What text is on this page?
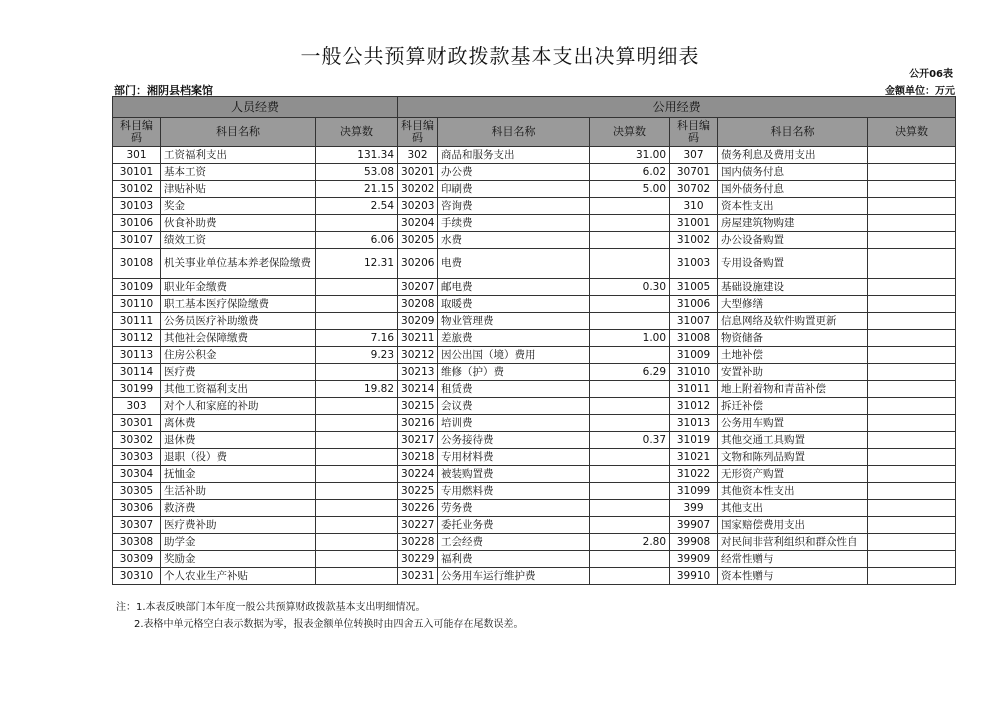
一般公共预算财政拨款基本支出决算明细表
公开06表
部门：湘阴县档案馆	金额单位：万元
人员经费			公用经费					
科目编码	科目名称	决算数	科目编码	科目名称	决算数	科目编码	科目名称	决算数
301	工资福利支出	131.34	302	商品和服务支出	31.00	307	债务利息及费用支出	
30101	基本工资	53.08	30201	办公费	6.02	30701	国内债务付息	
30102	津贴补贴	21.15	30202	印刷费	5.00	30702	国外债务付息	
30103	奖金	2.54	30203	咨询费		310	资本性支出	
30106	伙食补助费		30204	手续费		31001	房屋建筑物购建	
30107	绩效工资	6.06	30205	水费		31002	办公设备购置	
30108	机关事业单位基本养老保险缴费	12.31	30206	电费		31003	专用设备购置	
30109	职业年金缴费		30207	邮电费	0.30	31005	基础设施建设	
30110	职工基本医疗保险缴费		30208	取暖费		31006	大型修缮	
30111	公务员医疗补助缴费		30209	物业管理费		31007	信息网络及软件购置更新	
30112	其他社会保障缴费	7.16	30211	差旅费	1.00	31008	物资储备	
30113	住房公积金	9.23	30212	因公出国（境）费用		31009	土地补偿	
30114	医疗费		30213	维修（护）费	6.29	31010	安置补助	
30199	其他工资福利支出	19.82	30214	租赁费		31011	地上附着物和青苗补偿	
303	对个人和家庭的补助		30215	会议费		31012	拆迁补偿	
30301	离休费		30216	培训费		31013	公务用车购置	
30302	退休费		30217	公务接待费	0.37	31019	其他交通工具购置	
30303	退职（役）费		30218	专用材料费		31021	文物和陈列品购置	
30304	抚恤金		30224	被装购置费		31022	无形资产购置	
30305	生活补助		30225	专用燃料费		31099	其他资本性支出	
30306	救济费		30226	劳务费		399	其他支出	
30307	医疗费补助		30227	委托业务费		39907	国家赔偿费用支出	
30308	助学金		30228	工会经费	2.80	39908	对民间非营利组织和群众性自	
30309	奖励金		30229	福利费		39909	经常性赠与	
30310	个人农业生产补贴		30231	公务用车运行维护费		39910	资本性赠与	
注：1.本表反映部门本年度一般公共预算财政拨款基本支出明细情况。
2.表格中单元格空白表示数据为零，报表金额单位转换时由四舍五入可能存在尾数误差。
